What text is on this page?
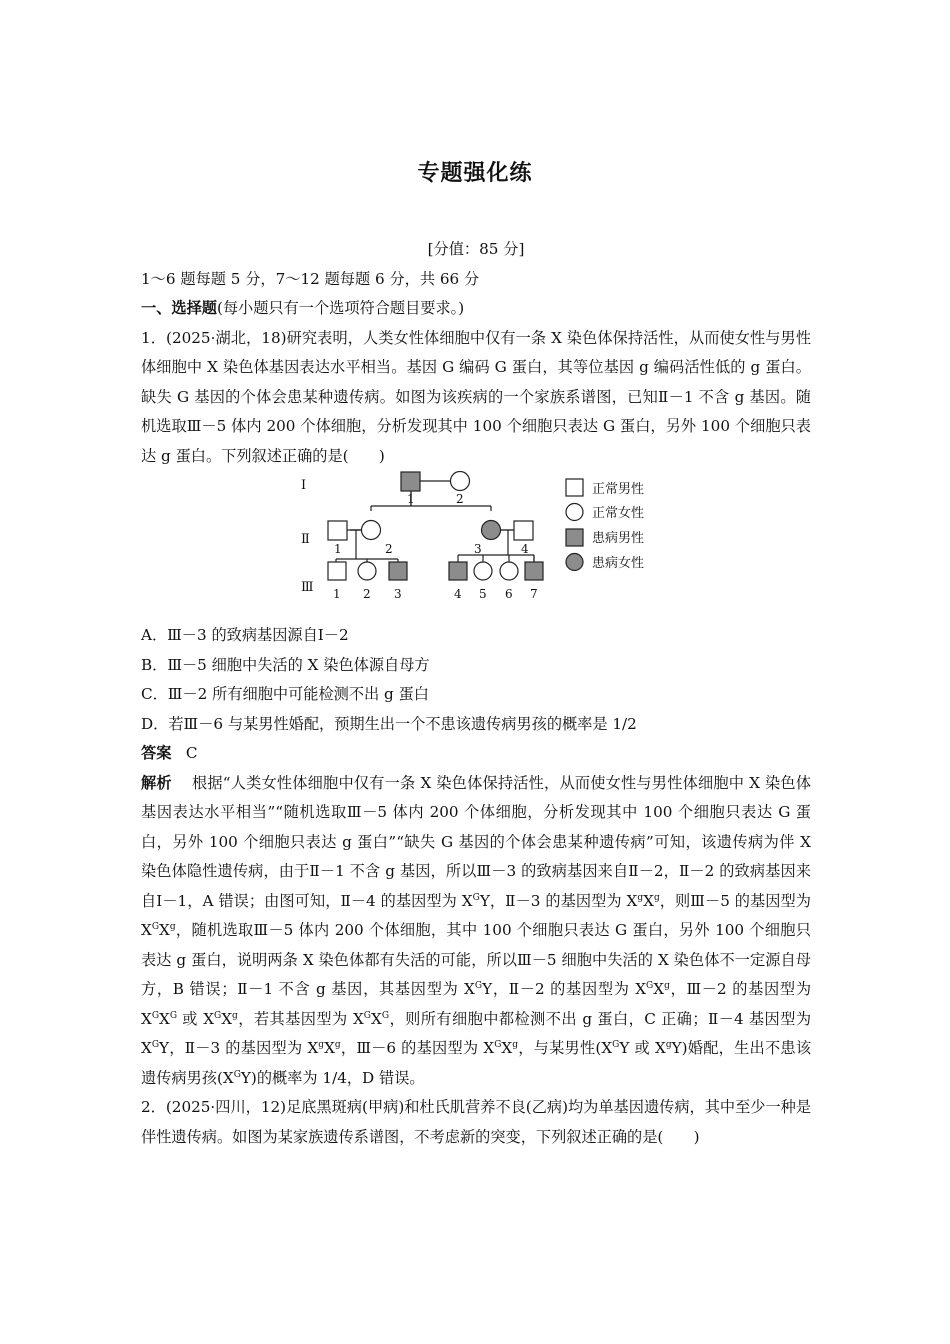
专题强化练

[分值：85 分]

1～6 题每题 5 分，7～12 题每题 6 分，共 66 分

一、选择题(每小题只有一个选项符合题目要求。)

1．(2025·湖北，18)研究表明，人类女性体细胞中仅有一条 X 染色体保持活性，从而使女性与男性体细胞中 X 染色体基因表达水平相当。基因 G 编码 G 蛋白，其等位基因 g 编码活性低的 g 蛋白。缺失 G 基因的个体会患某种遗传病。如图为该疾病的一个家族系谱图，已知Ⅱ－1 不含 g 基因。随机选取Ⅲ－5 体内 200 个体细胞，分析发现其中 100 个细胞只表达 G 蛋白，另外 100 个细胞只表达 g 蛋白。下列叙述正确的是(　　)

Ⅰ
Ⅱ
Ⅲ
1	2
1	2	3	4
1 2 3	4 5 6 7
正常男性
正常女性
患病男性
患病女性

A．Ⅲ－3 的致病基因源自Ⅰ－2

B．Ⅲ－5 细胞中失活的 X 染色体源自母方

C．Ⅲ－2 所有细胞中可能检测不出 g 蛋白

D．若Ⅲ－6 与某男性婚配，预期生出一个不患该遗传病男孩的概率是 1/2

答案 C

解析 根据“人类女性体细胞中仅有一条 X 染色体保持活性，从而使女性与男性体细胞中 X 染色体基因表达水平相当”“随机选取Ⅲ－5 体内 200 个体细胞，分析发现其中 100 个细胞只表达 G 蛋白，另外 100 个细胞只表达 g 蛋白”“缺失 G 基因的个体会患某种遗传病”可知，该遗传病为伴 X 染色体隐性遗传病，由于Ⅱ－1 不含 g 基因，所以Ⅲ－3 的致病基因来自Ⅱ－2，Ⅱ－2 的致病基因来自Ⅰ－1，A 错误；由图可知，Ⅱ－4 的基因型为 $X^GY$，Ⅱ－3 的基因型为 $X^gX^g$，则Ⅲ－5 的基因型为 $X^GX^g$，随机选取Ⅲ－5 体内 200 个体细胞，其中 100 个细胞只表达 G 蛋白，另外 100 个细胞只表达 g 蛋白，说明两条 X 染色体都有失活的可能，所以Ⅲ－5 细胞中失活的 X 染色体不一定源自母方，B 错误；Ⅱ－1 不含 g 基因，其基因型为 $X^GY$，Ⅱ－2 的基因型为 $X^GX^g$，Ⅲ－2 的基因型为 $X^GX^G$ 或 $X^GX^g$，若其基因型为 $X^GX^G$，则所有细胞中都检测不出 g 蛋白，C 正确；Ⅱ－4 基因型为 $X^GY$，Ⅱ－3 的基因型为 $X^gX^g$，Ⅲ－6 的基因型为 $X^GX^g$，与某男性($X^GY$ 或 $X^gY$)婚配，生出不患该遗传病男孩$(X^GY)$的概率为 1/4，D 错误。

2．(2025·四川，12)足底黑斑病(甲病)和杜氏肌营养不良(乙病)均为单基因遗传病，其中至少一种是伴性遗传病。如图为某家族遗传系谱图，不考虑新的突变，下列叙述正确的是(　　)
